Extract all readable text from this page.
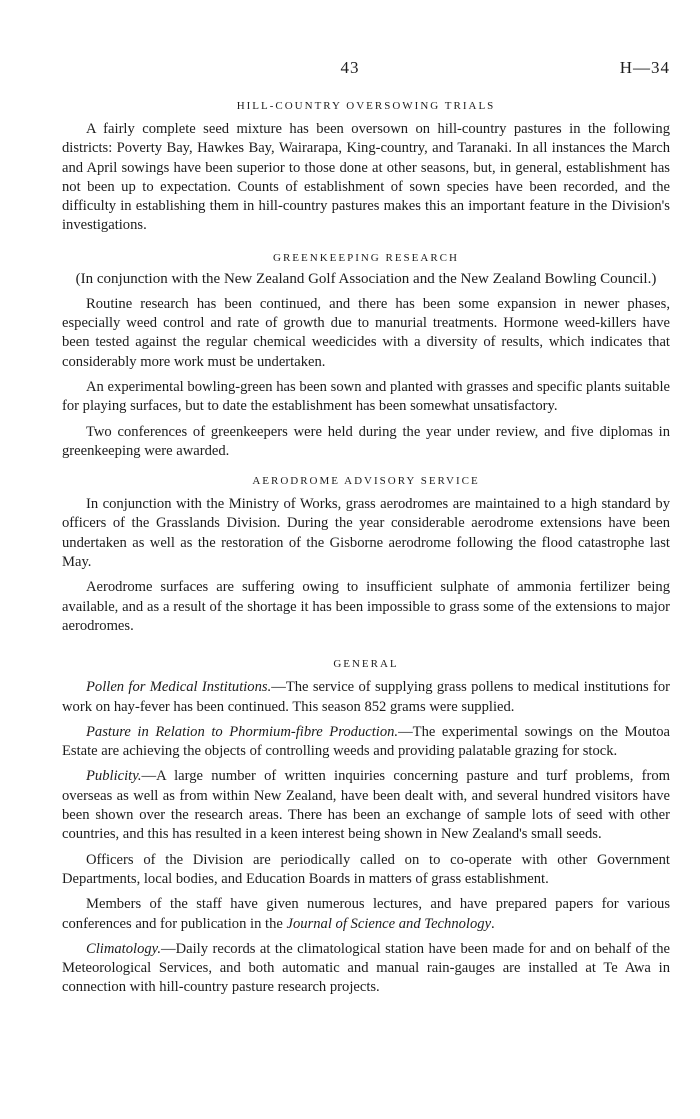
43	H—34
HILL-COUNTRY OVERSOWING TRIALS

A fairly complete seed mixture has been oversown on hill-country pastures in the following districts: Poverty Bay, Hawkes Bay, Wairarapa, King-country, and Taranaki. In all instances the March and April sowings have been superior to those done at other seasons, but, in general, establishment has not been up to expectation. Counts of establishment of sown species have been recorded, and the difficulty in establishing them in hill-country pastures makes this an important feature in the Division's investigations.

GREENKEEPING RESEARCH

(In conjunction with the New Zealand Golf Association and the New Zealand Bowling Council.)

Routine research has been continued, and there has been some expansion in newer phases, especially weed control and rate of growth due to manurial treatments. Hormone weed-killers have been tested against the regular chemical weedicides with a diversity of results, which indicates that considerably more work must be undertaken.

An experimental bowling-green has been sown and planted with grasses and specific plants suitable for playing surfaces, but to date the establishment has been somewhat unsatisfactory.

Two conferences of greenkeepers were held during the year under review, and five diplomas in greenkeeping were awarded.

AERODROME ADVISORY SERVICE

In conjunction with the Ministry of Works, grass aerodromes are maintained to a high standard by officers of the Grasslands Division. During the year considerable aerodrome extensions have been undertaken as well as the restoration of the Gisborne aerodrome following the flood catastrophe last May.

Aerodrome surfaces are suffering owing to insufficient sulphate of ammonia fertilizer being available, and as a result of the shortage it has been impossible to grass some of the extensions to major aerodromes.

GENERAL

Pollen for Medical Institutions.—The service of supplying grass pollens to medical institutions for work on hay-fever has been continued. This season 852 grams were supplied.

Pasture in Relation to Phormium-fibre Production.—The experimental sowings on the Moutoa Estate are achieving the objects of controlling weeds and providing palatable grazing for stock.

Publicity.—A large number of written inquiries concerning pasture and turf problems, from overseas as well as from within New Zealand, have been dealt with, and several hundred visitors have been shown over the research areas. There has been an exchange of sample lots of seed with other countries, and this has resulted in a keen interest being shown in New Zealand's small seeds.

Officers of the Division are periodically called on to co-operate with other Government Departments, local bodies, and Education Boards in matters of grass establishment.

Members of the staff have given numerous lectures, and have prepared papers for various conferences and for publication in the Journal of Science and Technology.

Climatology.—Daily records at the climatological station have been made for and on behalf of the Meteorological Services, and both automatic and manual rain-gauges are installed at Te Awa in connection with hill-country pasture research projects.
